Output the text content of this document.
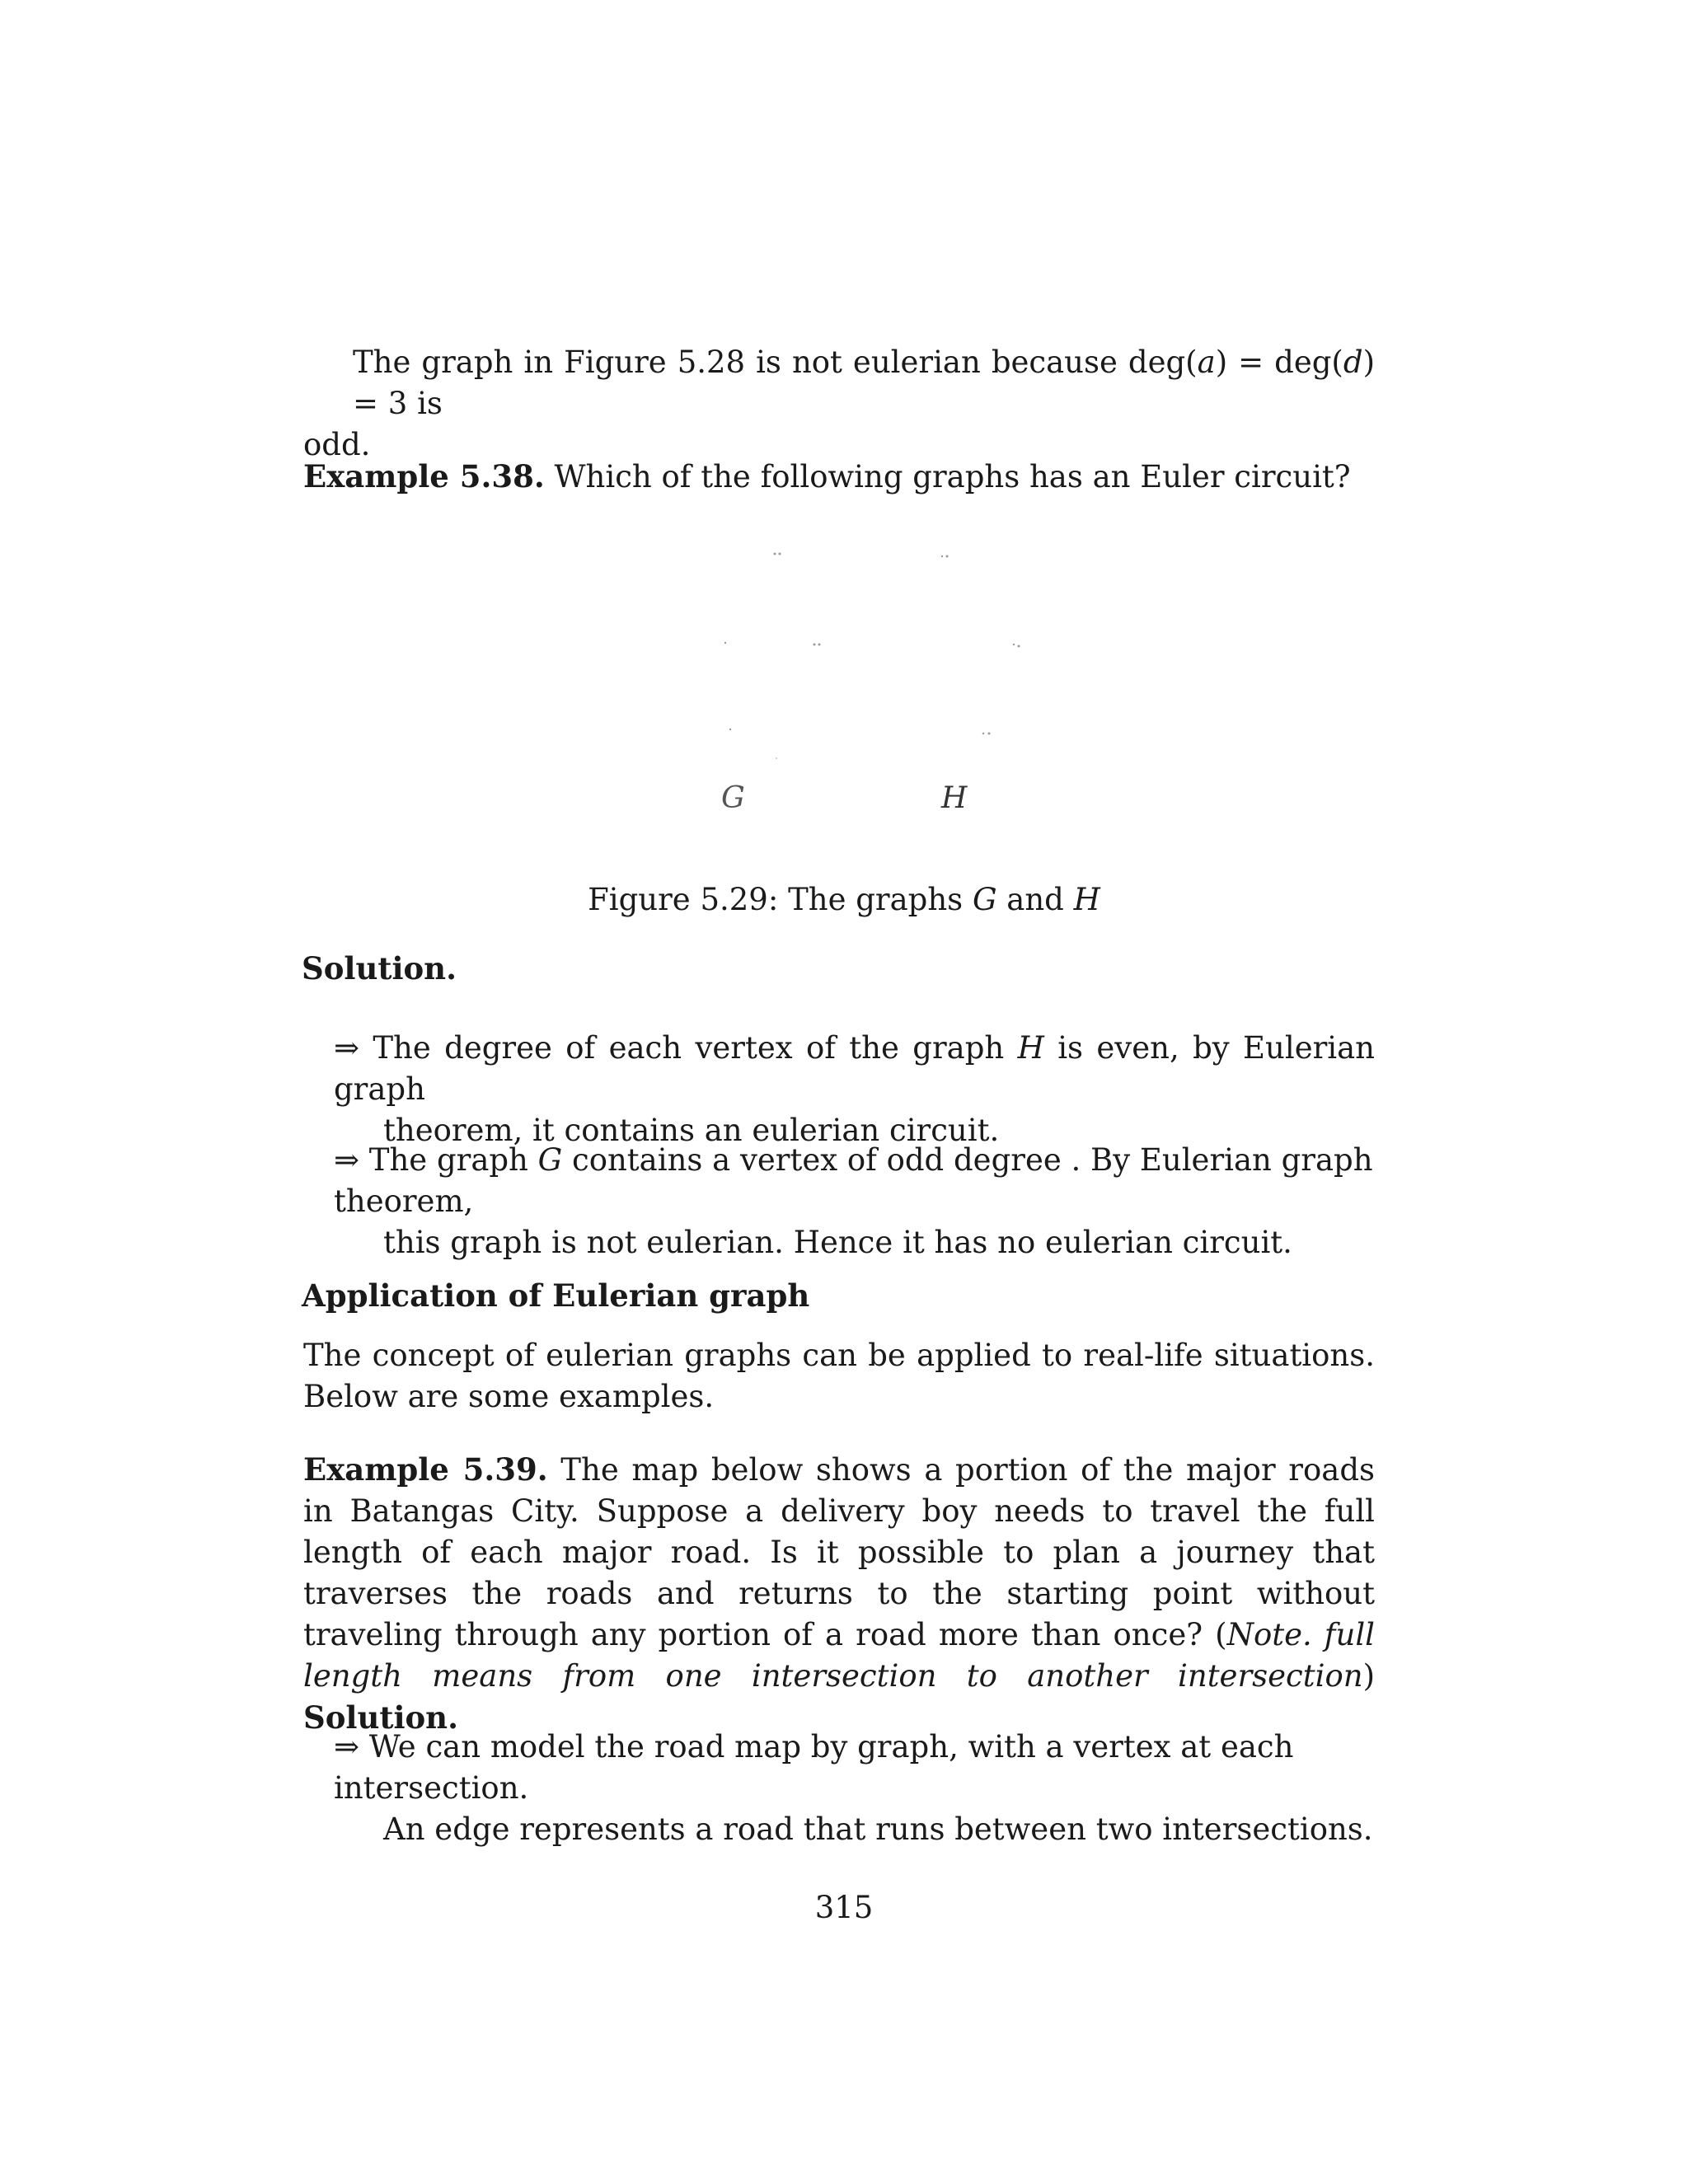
The graph in Figure 5.28 is not eulerian because deg(a) = deg(d) = 3 is
odd.
Example 5.38. Which of the following graphs has an Euler circuit?
G	H
Figure 5.29: The graphs G and H
Solution.
⇒ The degree of each vertex of the graph H is even, by Eulerian graph
theorem, it contains an eulerian circuit.
⇒ The graph G contains a vertex of odd degree . By Eulerian graph theorem,
this graph is not eulerian. Hence it has no eulerian circuit.
Application of Eulerian graph
The concept of eulerian graphs can be applied to real-life situations. Below are some examples.
Example 5.39. The map below shows a portion of the major roads in Batangas City. Suppose a delivery boy needs to travel the full length of each major road. Is it possible to plan a journey that traverses the roads and returns to the starting point without traveling through any portion of a road more than once? (Note. full length means from one intersection to another intersection) Solution.
⇒ We can model the road map by graph, with a vertex at each intersection.
An edge represents a road that runs between two intersections.
315
